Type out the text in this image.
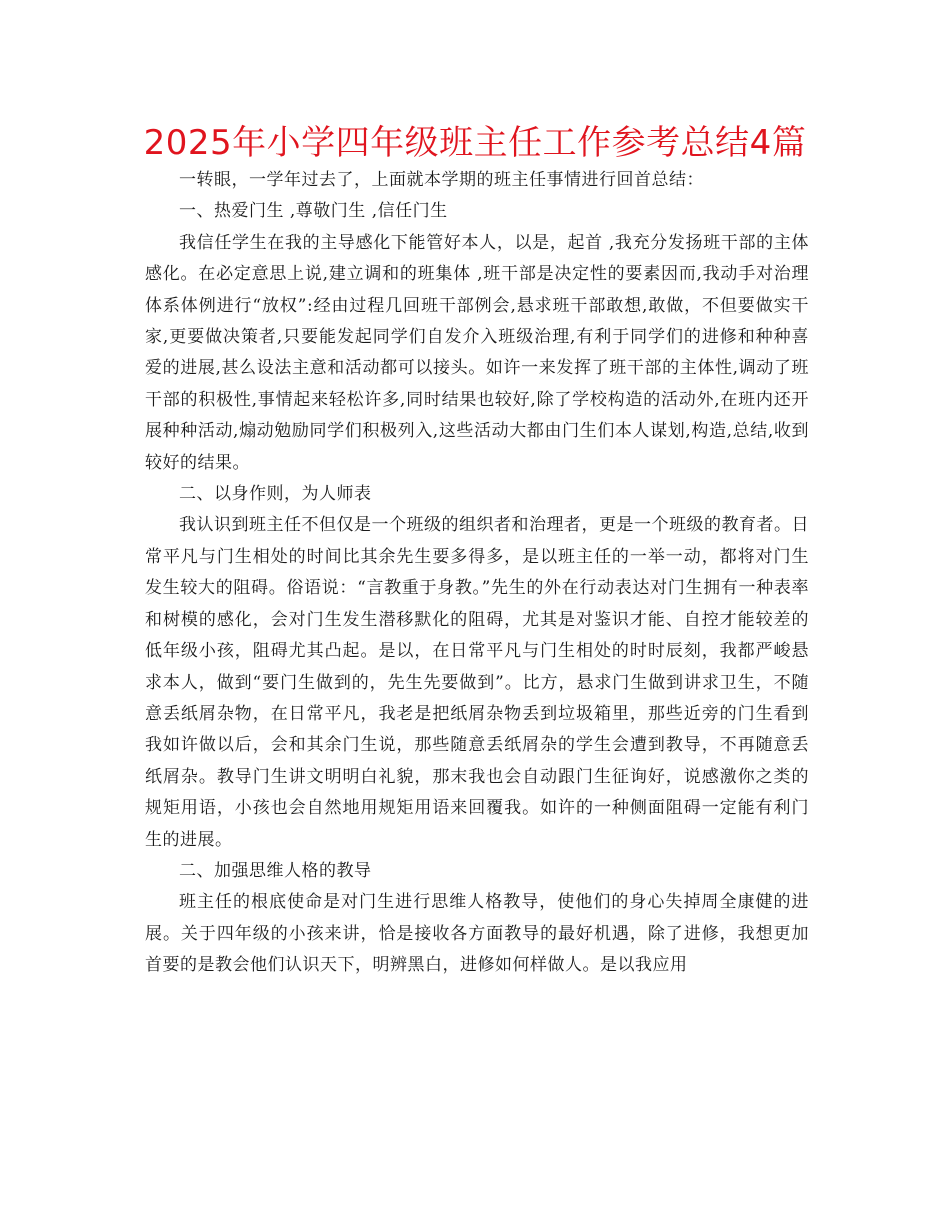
2025年小学四年级班主任工作参考总结4篇

一转眼，一学年过去了，上面就本学期的班主任事情进行回首总结：

一、热爱门生 ,尊敬门生 ,信任门生

我信任学生在我的主导感化下能管好本人，以是，起首 ,我充分发扬班干部的主体感化。在必定意思上说,建立调和的班集体 ,班干部是决定性的要素因而,我动手对治理体系体例进行“放权”:经由过程几回班干部例会,悬求班干部敢想,敢做，不但要做实干家,更要做决策者,只要能发起同学们自发介入班级治理,有利于同学们的进修和种种喜爱的进展,甚么设法主意和活动都可以接头。如许一来发挥了班干部的主体性,调动了班干部的积极性,事情起来轻松许多,同时结果也较好,除了学校构造的活动外,在班内还开展种种活动,煽动勉励同学们积极列入,这些活动大都由门生们本人谋划,构造,总结,收到较好的结果。

二、以身作则，为人师表

我认识到班主任不但仅是一个班级的组织者和治理者，更是一个班级的教育者。日常平凡与门生相处的时间比其余先生要多得多，是以班主任的一举一动，都将对门生发生较大的阻碍。俗语说：“言教重于身教。”先生的外在行动表达对门生拥有一种表率和树模的感化，会对门生发生潜移默化的阻碍，尤其是对鉴识才能、自控才能较差的低年级小孩，阻碍尤其凸起。是以，在日常平凡与门生相处的时时辰刻，我都严峻悬求本人，做到“要门生做到的，先生先要做到”。比方，悬求门生做到讲求卫生，不随意丢纸屑杂物，在日常平凡，我老是把纸屑杂物丢到垃圾箱里，那些近旁的门生看到我如许做以后，会和其余门生说，那些随意丢纸屑杂的学生会遭到教导，不再随意丢纸屑杂。教导门生讲文明明白礼貌，那末我也会自动跟门生征询好，说感激你之类的规矩用语，小孩也会自然地用规矩用语来回覆我。如许的一种侧面阻碍一定能有利门生的进展。

二、加强思维人格的教导

班主任的根底使命是对门生进行思维人格教导，使他们的身心失掉周全康健的进展。关于四年级的小孩来讲，恰是接收各方面教导的最好机遇，除了进修，我想更加首要的是教会他们认识天下，明辨黑白，进修如何样做人。是以我应用
